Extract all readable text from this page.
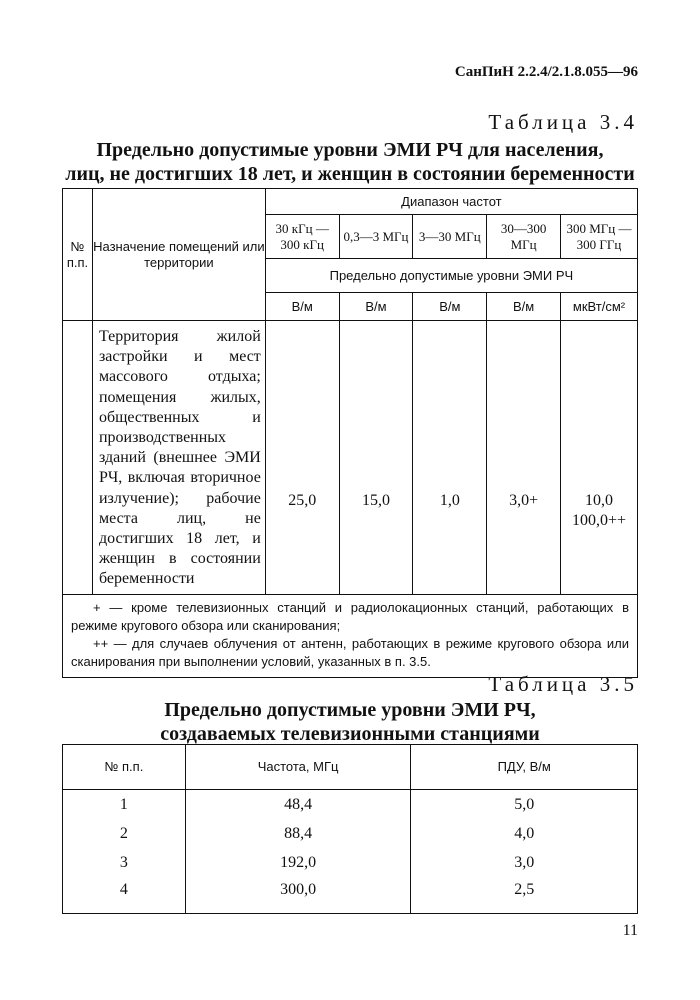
СанПиН 2.2.4/2.1.8.055—96
Таблица 3.4
Предельно допустимые уровни ЭМИ РЧ для населения,
лиц, не достигших 18 лет, и женщин в состоянии беременности
№ п.п.	Назначение помещений или территории	Диапазон частот				
		30 кГц — 300 кГц	0,3—3 МГц	3—30 МГц	30—300 МГц	300 МГц — 300 ГГц
		Предельно допустимые уровни ЭМИ РЧ				
		В/м	В/м	В/м	В/м	мкВт/см²
	Территория жилой застройки и мест массового отдыха; помещения жилых, общественных и производственных зданий (внешнее ЭМИ РЧ, включая вторичное излучение); рабочие места лиц, не достигших 18 лет, и женщин в состоянии беременности	25,0	15,0	1,0	3,0+	10,0
100,0++

+ — кроме телевизионных станций и радиолокационных станций, работающих в режиме кругового обзора или сканирования;

++ — для случаев облучения от антенн, работающих в режиме кругового обзора или сканирования при выполнении условий, указанных в п. 3.5.						

Таблица 3.5
Предельно допустимые уровни ЭМИ РЧ,
создаваемых телевизионными станциями
№ п.п.	Частота, МГц	ПДУ, В/м
1	48,4	5,0
2	88,4	4,0
3	192,0	3,0
4	300,0	2,5
11
